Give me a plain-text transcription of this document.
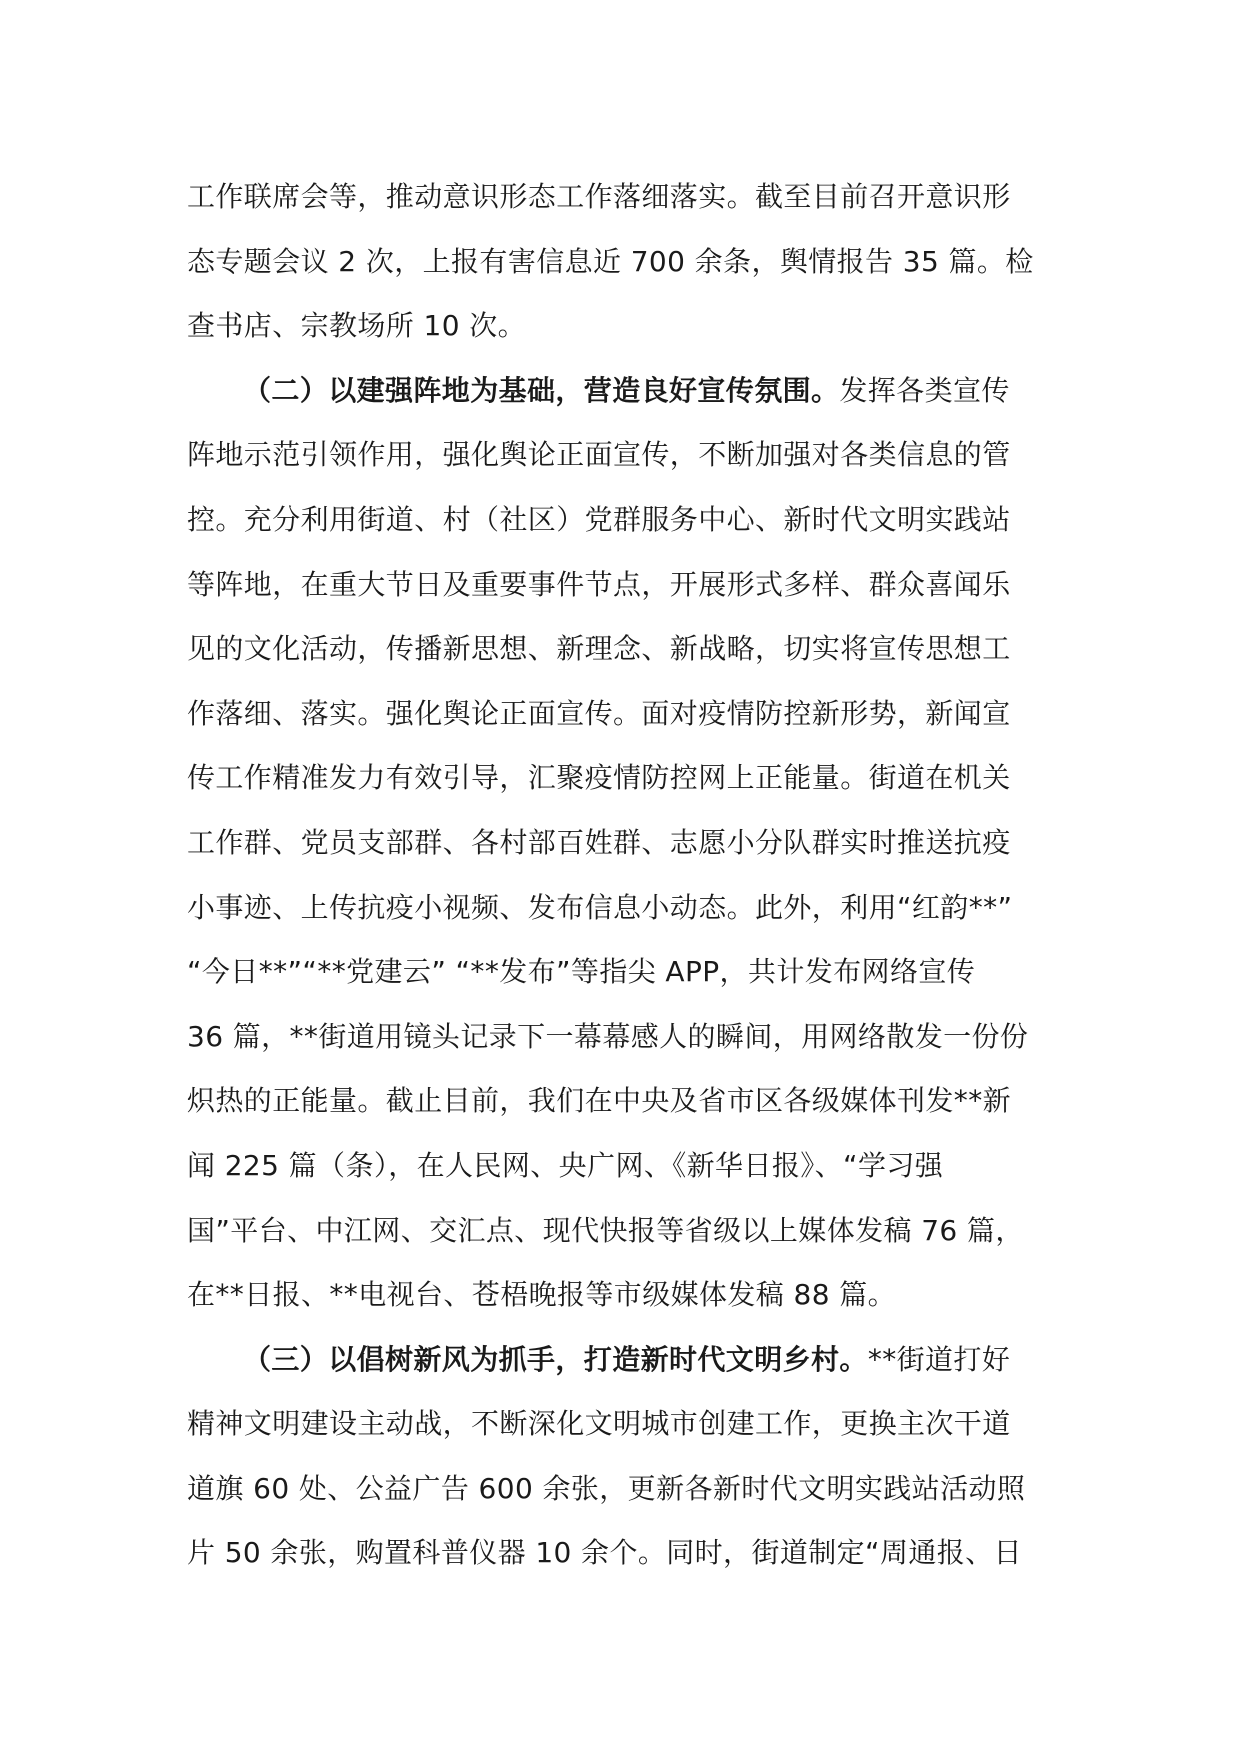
工作联席会等，推动意识形态工作落细落实。截至目前召开意识形
态专题会议 2 次，上报有害信息近 700 余条，舆情报告 35 篇。检
查书店、宗教场所 10 次。
（二）以建强阵地为基础，营造良好宣传氛围。发挥各类宣传
阵地示范引领作用，强化舆论正面宣传，不断加强对各类信息的管
控。充分利用街道、村（社区）党群服务中心、新时代文明实践站
等阵地，在重大节日及重要事件节点，开展形式多样、群众喜闻乐
见的文化活动，传播新思想、新理念、新战略，切实将宣传思想工
作落细、落实。强化舆论正面宣传。面对疫情防控新形势，新闻宣
传工作精准发力有效引导，汇聚疫情防控网上正能量。街道在机关
工作群、党员支部群、各村部百姓群、志愿小分队群实时推送抗疫
小事迹、上传抗疫小视频、发布信息小动态。此外，利用“红韵**”
“今日**”“**党建云” “**发布”等指尖 APP，共计发布网络宣传
36 篇，**街道用镜头记录下一幕幕感人的瞬间，用网络散发一份份
炽热的正能量。截止目前，我们在中央及省市区各级媒体刊发**新
闻 225 篇（条），在人民网、央广网、《新华日报》、“学习强
国”平台、中江网、交汇点、现代快报等省级以上媒体发稿 76 篇，
在**日报、**电视台、苍梧晚报等市级媒体发稿 88 篇。
（三）以倡树新风为抓手，打造新时代文明乡村。**街道打好
精神文明建设主动战，不断深化文明城市创建工作，更换主次干道
道旗 60 处、公益广告 600 余张，更新各新时代文明实践站活动照
片 50 余张，购置科普仪器 10 余个。同时，街道制定“周通报、日
